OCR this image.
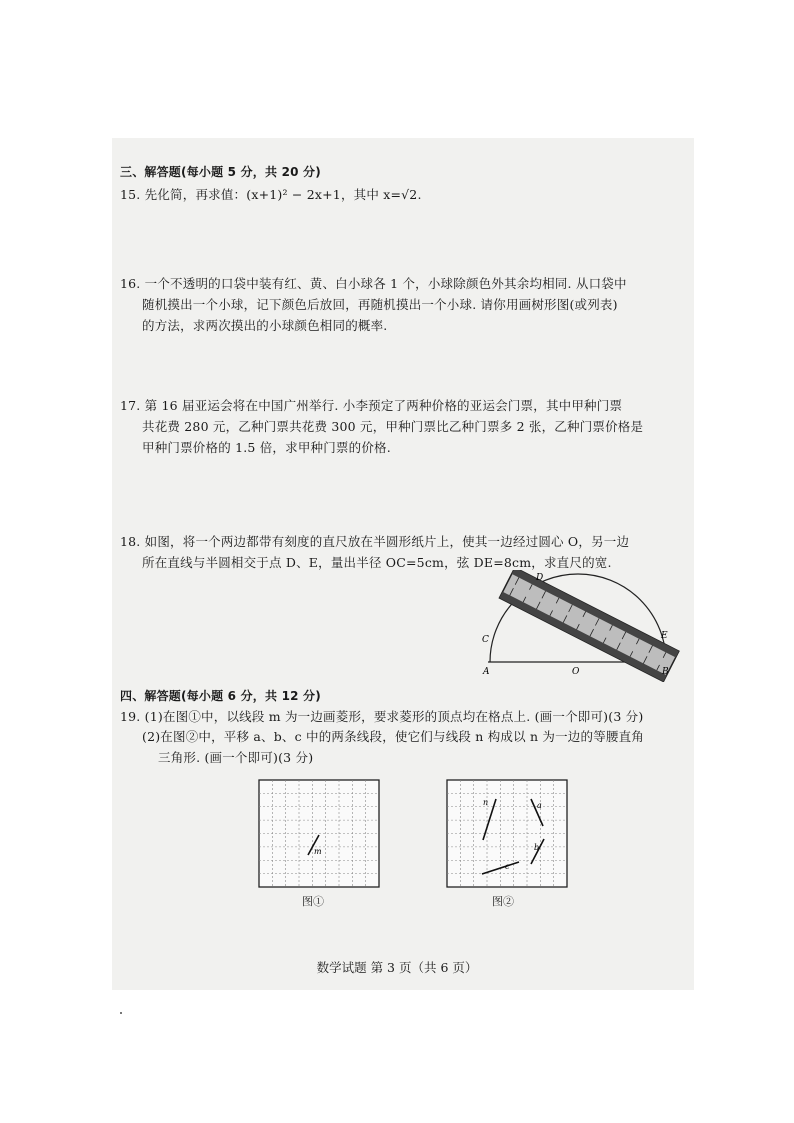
三、解答题(每小题 5 分，共 20 分)
15. 先化简，再求值：(x+1)² − 2x+1，其中 x=√2.
16. 一个不透明的口袋中装有红、黄、白小球各 1 个，小球除颜色外其余均相同. 从口袋中
随机摸出一个小球，记下颜色后放回，再随机摸出一个小球. 请你用画树形图(或列表)
的方法，求两次摸出的小球颜色相同的概率.
17. 第 16 届亚运会将在中国广州举行. 小李预定了两种价格的亚运会门票，其中甲种门票
共花费 280 元，乙种门票共花费 300 元，甲种门票比乙种门票多 2 张，乙种门票价格是
甲种门票价格的 1.5 倍，求甲种门票的价格.
18. 如图，将一个两边都带有刻度的直尺放在半圆形纸片上，使其一边经过圆心 O，另一边
所在直线与半圆相交于点 D、E，量出半径 OC=5cm，弦 DE=8cm，求直尺的宽.
A
C
D
E
O	B
四、解答题(每小题 6 分，共 12 分)
19. (1)在图①中，以线段 m 为一边画菱形，要求菱形的顶点均在格点上. (画一个即可)(3 分)
(2)在图②中，平移 a、b、c 中的两条线段，使它们与线段 n 构成以 n 为一边的等腰直角
三角形. (画一个即可)(3 分)
m
图①
n	a
b
c
图②
数学试题 第 3 页（共 6 页）
